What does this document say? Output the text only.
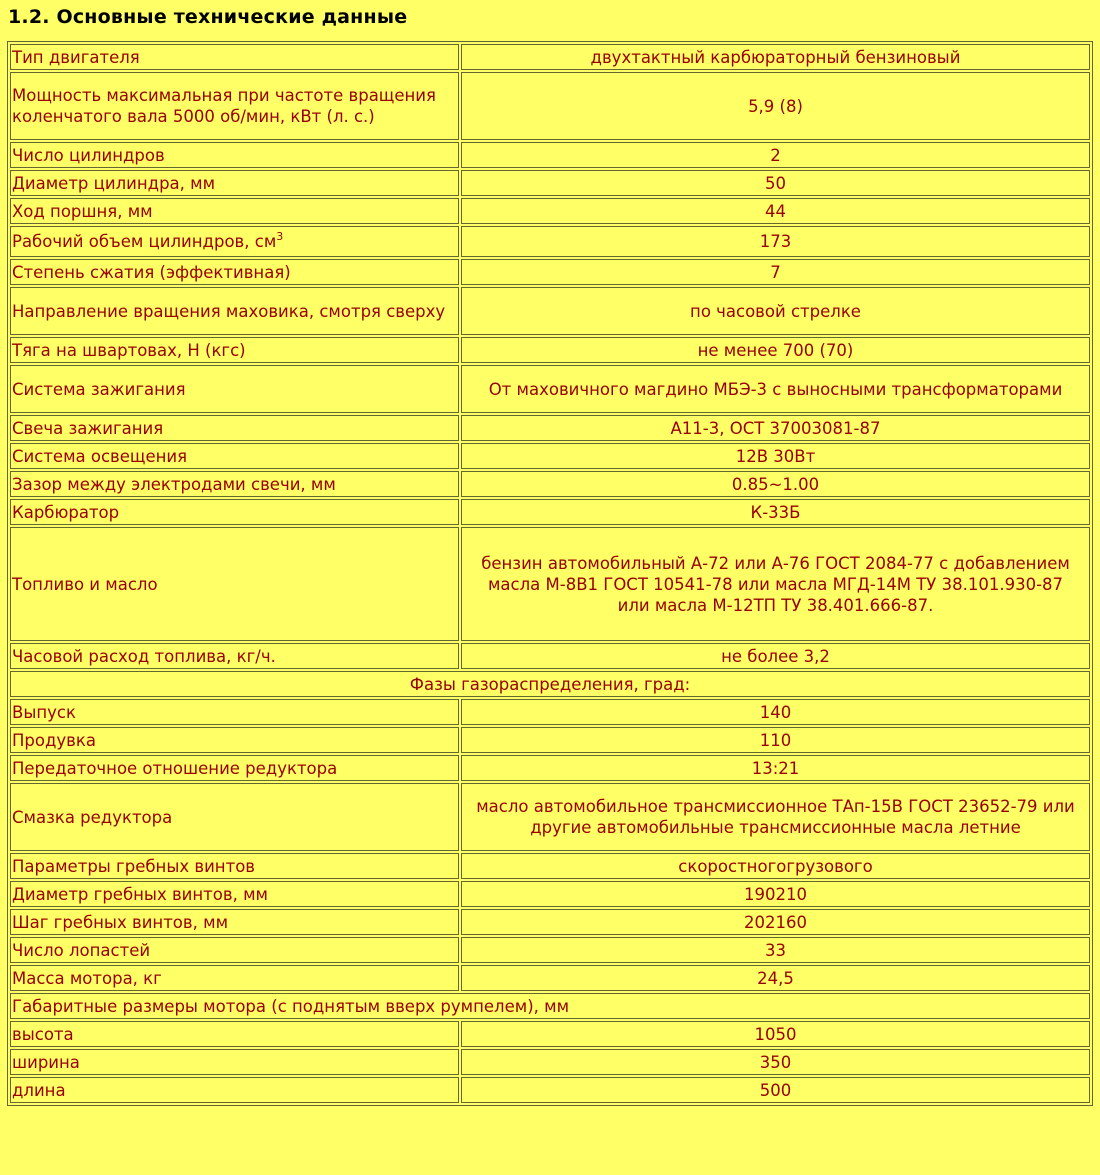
1.2. Основные технические данные
Тип двигателя	двухтактный карбюраторный бензиновый
Мощность максимальная при частоте вращения коленчатого вала 5000 об/мин, кВт (л. с.)	5,9 (8)
Число цилиндров	2
Диаметр цилиндра, мм	50
Ход поршня, мм	44
Рабочий объем цилиндров, $см^3$	173
Степень сжатия (эффективная)	7
Направление вращения маховика, смотря сверху	по часовой стрелке
Тяга на швартовах, Н (кгс)	не менее 700 (70)
Система зажигания	От маховичного магдино МБЭ-3 с выносными трансформаторами
Свеча зажигания	А11-3, ОСТ 37003081-87
Система освещения	12В 30Вт
Зазор между электродами свечи, мм	0.85~1.00
Карбюратор	К-33Б
Топливо и масло	бензин автомобильный А-72 или А-76 ГОСТ 2084-77 с добавлением
масла М-8В1 ГОСТ 10541-78 или масла МГД-14М ТУ 38.101.930-87
или масла М-12ТП ТУ 38.401.666-87.

Часовой расход топлива, кг/ч.	не более 3,2
Фазы газораспределения, град:	
Выпуск	140
Продувка	110
Передаточное отношение редуктора	13:21
Смазка редуктора	масло автомобильное трансмиссионное ТАп-15В ГОСТ 23652-79 или другие автомобильные трансмиссионные масла летние
Параметры гребных винтов	скоростногогрузового
Диаметр гребных винтов, мм	190210
Шаг гребных винтов, мм	202160
Число лопастей	33
Масса мотора, кг	24,5
Габаритные размеры мотора (с поднятым вверх румпелем), мм	
высота	1050
ширина	350
длина	500
